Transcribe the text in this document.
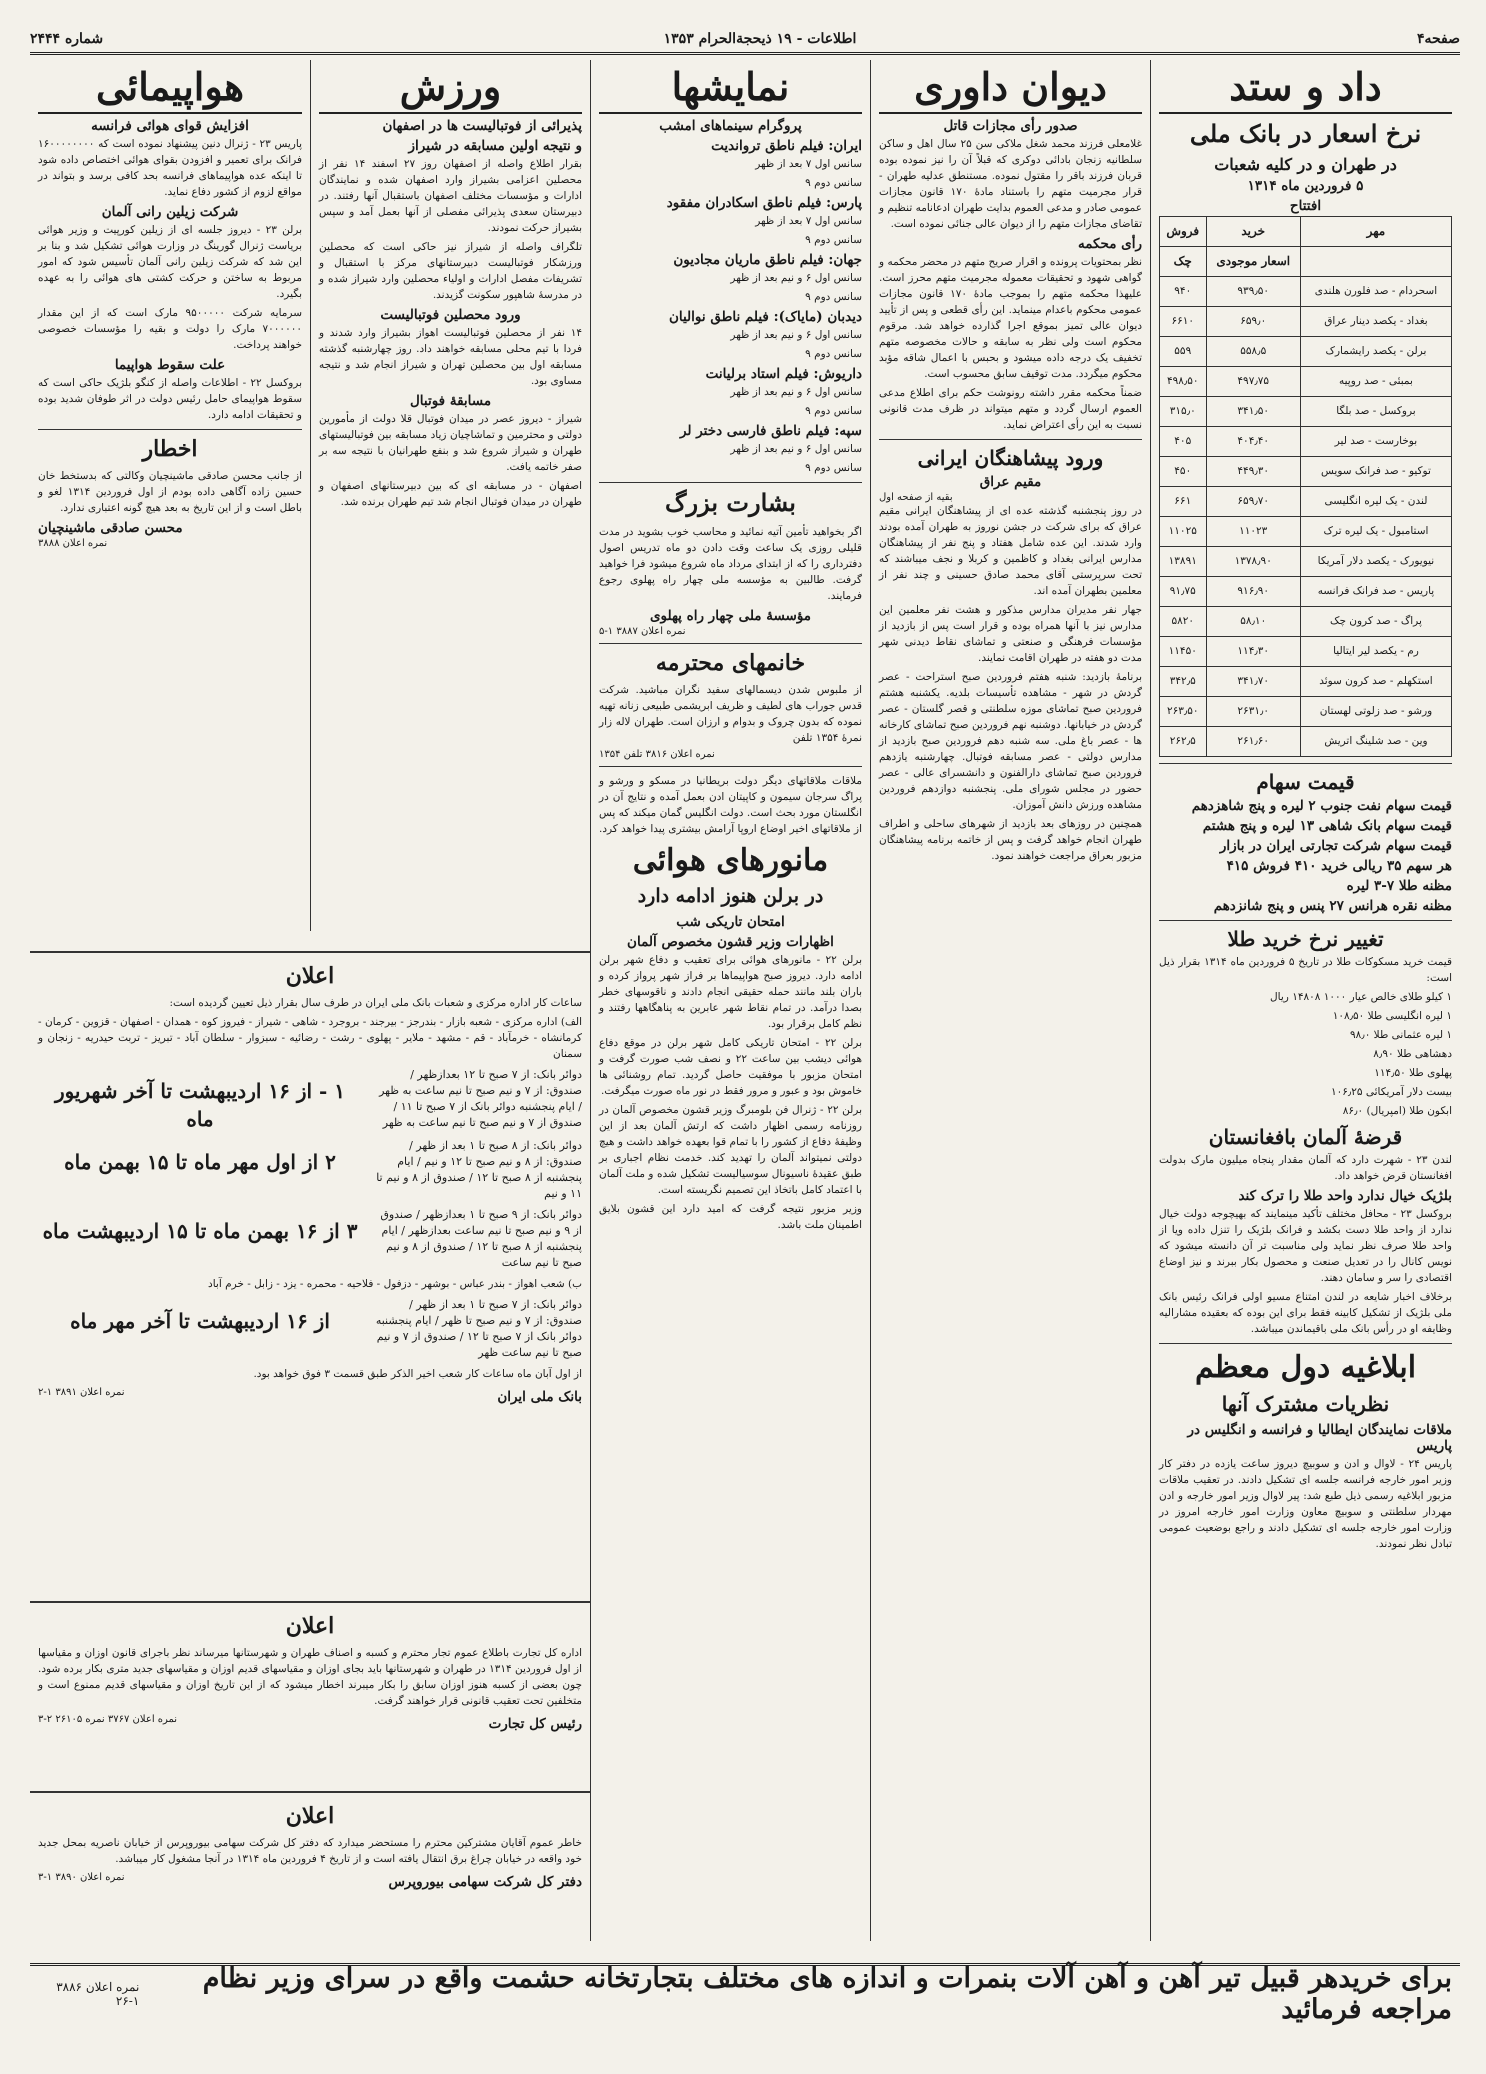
صفحه۴
اطلاعات - ۱۹ ذیحجةالحرام ۱۳۵۳
شماره ۲۴۴۴
داد و ستد
نرخ اسعار در بانک ملی
در طهران و در کلیه شعبات
۵ فروردین ماه ۱۳۱۴
افتتاح
مهر	خرید	فروش
	اسعار موجودی	چک
اسحردام - صد فلورن هلندی	۹۳۹٫۵۰	۹۴۰
بغداد - یکصد دینار عراق	۶۵۹٫۰	۶۶۱۰
برلن - یکصد رایشمارک	۵۵۸٫۵	۵۵۹
بمبئی - صد روپیه	۴۹۷٫۷۵	۴۹۸٫۵۰
بروکسل - صد بلگا	۳۴۱٫۵۰	۳۱۵٫۰
بوخارست - صد لیر	۴۰۴٫۴۰	۴۰۵
توکیو - صد فرانک سویس	۴۴۹٫۳۰	۴۵۰
لندن - یک لیره انگلیسی	۶۵۹٫۷۰	۶۶۱
استامبول - یک لیره ترک	۱۱۰۲۳	۱۱۰۲۵
نیویورک - یکصد دلار آمریکا	۱۳۷۸٫۹۰	۱۳۸۹۱
پاریس - صد فرانک فرانسه	۹۱۶٫۹۰	۹۱٫۷۵
پراگ - صد کرون چک	۵۸٫۱۰	۵۸۲۰
رم - یکصد لیر ایتالیا	۱۱۴٫۳۰	۱۱۴۵۰
استکهلم - صد کرون سوئد	۳۴۱٫۷۰	۳۴۲٫۵
ورشو - صد زلوتی لهستان	۲۶۳۱٫۰	۲۶۳٫۵۰
وین - صد شلینگ اتریش	۲۶۱٫۶۰	۲۶۲٫۵
قیمت سهام
قیمت سهام نفت جنوب ۲ لیره و پنج شاهزدهم
قیمت سهام بانک شاهی ۱۳ لیره و پنج هشتم
قیمت سهام شرکت تجارتی ایران در بازار
هر سهم ۳۵ ریالی خرید ۴۱۰ فروش ۴۱۵
مظنه طلا ۷-۳ لیره
مظنه نقره هرانس ۲۷ پنس و پنج شانزدهم
تغییر نرخ خرید طلا
قیمت خرید مسکوکات طلا در تاریخ ۵ فروردین ماه ۱۳۱۴ بقرار ذیل است:
۱ کیلو طلای خالص عیار ۱۰۰۰ ۱۴۸۰۸ ریال
۱ لیره انگلیسی طلا ۱۰۸٫۵۰
۱ لیره عثمانی طلا ۹۸٫۰
دهشاهی طلا ۸٫۹۰
پهلوی طلا ۱۱۴٫۵۰
بیست دلار آمریکائی ۱۰۶٫۲۵
ابکون طلا (امپریال) ۸۶٫۰
قرضهٔ آلمان بافغانستان
لندن ۲۳ - شهرت دارد که آلمان مقدار پنجاه میلیون مارک بدولت افغانستان قرض خواهد داد.
بلژیک خیال ندارد واحد طلا را ترک کند
بروکسل ۲۳ - محافل مختلف تأکید مینمایند که بهیچوجه دولت خیال ندارد از واحد طلا دست بکشد و فرانک بلژیک را تنزل داده ویا از واحد طلا صرف نظر نماید ولی مناسبت تر آن دانسته میشود که نویس کانال را در تعدیل صنعت و محصول بکار ببرند و نیز اوضاع اقتصادی را سر و سامان دهند.
برخلاف اخبار شایعه در لندن امتناع مسیو اولی فرانک رئیس بانک ملی بلژیک از تشکیل کابینه فقط برای این بوده که بعقیده مشارالیه وظایفه او در رأس بانک ملی باقیماندن میباشد.
ابلاغیه دول معظم
نظریات مشترک آنها
ملاقات نمایندگان ایطالیا و فرانسه و انگلیس در پاریس
پاریس ۲۴ - لاوال و ادن و سوبیچ دیروز ساعت یازده در دفتر کار وزیر امور خارجه فرانسه جلسه ای تشکیل دادند. در تعقیب ملاقات مزبور ابلاغیه رسمی ذیل طبع شد: پیر لاوال وزیر امور خارجه و ادن مهردار سلطنتی و سوبیچ معاون وزارت امور خارجه امروز در وزارت امور خارجه جلسه ای تشکیل دادند و راجع بوضعیت عمومی تبادل نظر نمودند.
دیوان داوری
صدور رأی مجازات قاتل
غلامعلی فرزند محمد شغل ملاکی سن ۲۵ سال اهل و ساکن سلطانیه زنجان بادائی دوکری که قبلاً آن را نیز نموده بوده قربان فرزند باقر را مقتول نموده. مستنطق عدلیه طهران - قرار مجرمیت متهم را باستناد مادهٔ ۱۷۰ قانون مجازات عمومی صادر و مدعی العموم بدایت طهران ادعانامه تنظیم و تقاضای مجازات متهم را از دیوان عالی جنائی نموده است.
رأی محکمه
نظر بمحتویات پرونده و اقرار صریح متهم در محضر محکمه و گواهی شهود و تحقیقات معموله مجرمیت متهم محرز است. علیهذا محکمه متهم را بموجب مادهٔ ۱۷۰ قانون مجازات عمومی محکوم باعدام مینماید. این رأی قطعی و پس از تأیید دیوان عالی تمیز بموقع اجرا گذارده خواهد شد. مرقوم محکوم است ولی نظر به سابقه و حالات مخصوصه متهم تخفیف یک درجه داده میشود و بحبس با اعمال شاقه مؤبد محکوم میگردد. مدت توقیف سابق محسوب است.
ضمناً محکمه مقرر داشته رونوشت حکم برای اطلاع مدعی العموم ارسال گردد و متهم میتواند در ظرف مدت قانونی نسبت به این رأی اعتراض نماید.
ورود پیشاهنگان ایرانی
مقیم عراق
بقیه از صفحه اول
در روز پنجشنبه گذشته عده ای از پیشاهنگان ایرانی مقیم عراق که برای شرکت در جشن نوروز به طهران آمده بودند وارد شدند. این عده شامل هفتاد و پنج نفر از پیشاهنگان مدارس ایرانی بغداد و کاظمین و کربلا و نجف میباشند که تحت سرپرستی آقای محمد صادق حسینی و چند نفر از معلمین بطهران آمده اند.
جهار نفر مدیران مدارس مذکور و هشت نفر معلمین این مدارس نیز با آنها همراه بوده و قرار است پس از بازدید از مؤسسات فرهنگی و صنعتی و تماشای نقاط دیدنی شهر مدت دو هفته در طهران اقامت نمایند.
برنامهٔ بازدید: شنبه هفتم فروردین صبح استراحت - عصر گردش در شهر - مشاهده تأسیسات بلدیه. یکشنبه هشتم فروردین صبح تماشای موزه سلطنتی و قصر گلستان - عصر گردش در خیابانها. دوشنبه نهم فروردین صبح تماشای کارخانه ها - عصر باغ ملی. سه شنبه دهم فروردین صبح بازدید از مدارس دولتی - عصر مسابقه فوتبال. چهارشنبه یازدهم فروردین صبح تماشای دارالفنون و دانشسرای عالی - عصر حضور در مجلس شورای ملی. پنجشنبه دوازدهم فروردین مشاهده ورزش دانش آموزان.
همچنین در روزهای بعد بازدید از شهرهای ساحلی و اطراف طهران انجام خواهد گرفت و پس از خاتمه برنامه پیشاهنگان مزبور بعراق مراجعت خواهند نمود.
نمایشها
پروگرام سینماهای امشب
ایران: فیلم ناطق ترواندیت
سانس اول ۷ بعد از ظهر
سانس دوم ۹
پارس: فیلم ناطق اسکادران مفقود
سانس اول ۷ بعد از ظهر
سانس دوم ۹
جهان: فیلم ناطق ماریان مجادیون
سانس اول ۶ و نیم بعد از ظهر
سانس دوم ۹
دیدبان (مایاک): فیلم ناطق نوالیان
سانس اول ۶ و نیم بعد از ظهر
سانس دوم ۹
داریوش: فیلم استاد برلیانت
سانس اول ۶ و نیم بعد از ظهر
سانس دوم ۹
سپه: فیلم ناطق فارسی دختر لر
سانس اول ۶ و نیم بعد از ظهر
سانس دوم ۹
بشارت بزرگ
اگر بخواهید تأمین آتیه نمائید و محاسب خوب بشوید در مدت قلیلی روزی یک ساعت وقت دادن دو ماه تدریس اصول دفترداری را که از ابتدای مرداد ماه شروع میشود فرا خواهید گرفت. طالبین به مؤسسه ملی چهار راه پهلوی رجوع فرمایند.
مؤسسهٔ ملی چهار راه پهلوی
نمره اعلان ۳۸۸۷ ۱-۵
خانمهای محترمه
از ملبوس شدن دیسمالهای سفید نگران مباشید. شرکت قدس جوراب های لطیف و ظریف ابریشمی طبیعی زنانه تهیه نموده که بدون چروک و بدوام و ارزان است. طهران لاله زار نمرهٔ ۱۳۵۴ تلفن
نمره اعلان ۳۸۱۶ تلفن ۱۳۵۴
ملاقات ملاقاتهای دیگر دولت بریطانیا در مسکو و ورشو و پراگ سرجان سیمون و کاپیتان ادن بعمل آمده و نتایج آن در انگلستان مورد بحث است. دولت انگلیس گمان میکند که پس از ملاقاتهای اخیر اوضاع اروپا آرامش بیشتری پیدا خواهد کرد.
مانورهای هوائی
در برلن هنوز ادامه دارد
امتحان تاریکی شب
اظهارات وزیر قشون مخصوص آلمان
برلن ۲۲ - مانورهای هوائی برای تعقیب و دفاع شهر برلن ادامه دارد. دیروز صبح هواپیماها بر فراز شهر پرواز کرده و باران بلند مانند حمله حقیقی انجام دادند و ناقوسهای خطر بصدا درآمد. در تمام نقاط شهر عابرین به پناهگاهها رفتند و نظم کامل برقرار بود.
برلن ۲۲ - امتحان تاریکی کامل شهر برلن در موقع دفاع هوائی دیشب بین ساعت ۲۲ و نصف شب صورت گرفت و امتحان مزبور با موفقیت حاصل گردید. تمام روشنائی ها خاموش بود و عبور و مرور فقط در نور ماه صورت میگرفت.
برلن ۲۲ - ژنرال فن بلومبرگ وزیر قشون مخصوص آلمان در روزنامه رسمی اظهار داشت که ارتش آلمان بعد از این وظیفهٔ دفاع از کشور را با تمام قوا بعهده خواهد داشت و هیچ دولتی نمیتواند آلمان را تهدید کند. خدمت نظام اجباری بر طبق عقیدهٔ ناسیونال سوسیالیست تشکیل شده و ملت آلمان با اعتماد کامل باتخاذ این تصمیم نگریسته است.
وزیر مزبور نتیجه گرفت که امید دارد این قشون بلایق اطمینان ملت باشد.
ورزش
پذیرائی از فوتبالیست ها در اصفهان
و نتیجه اولین مسابقه در شیراز
بقرار اطلاع واصله از اصفهان روز ۲۷ اسفند ۱۴ نفر از محصلین اعزامی بشیراز وارد اصفهان شده و نمایندگان ادارات و مؤسسات مختلف اصفهان باستقبال آنها رفتند. در دبیرستان سعدی پذیرائی مفصلی از آنها بعمل آمد و سپس بشیراز حرکت نمودند.
تلگراف واصله از شیراز نیز حاکی است که محصلین ورزشکار فوتبالیست دبیرستانهای مرکز با استقبال و تشریفات مفصل ادارات و اولیاء محصلین وارد شیراز شده و در مدرسهٔ شاهپور سکونت گزیدند.
ورود محصلین فوتبالیست
۱۴ نفر از محصلین فوتبالیست اهواز بشیراز وارد شدند و فردا با تیم محلی مسابقه خواهند داد. روز چهارشنبه گذشته مسابقه اول بین محصلین تهران و شیراز انجام شد و نتیجه مساوی بود.
مسابقهٔ فوتبال
شیراز - دیروز عصر در میدان فوتبال قلا دولت از مأمورین دولتی و محترمین و تماشاچیان زیاد مسابقه بین فوتبالیستهای طهران و شیراز شروع شد و بنفع طهرانیان با نتیجه سه بر صفر خاتمه یافت.
اصفهان - در مسابقه ای که بین دبیرستانهای اصفهان و طهران در میدان فوتبال انجام شد تیم طهران برنده شد.
هواپیمائی
افزایش قوای هوائی فرانسه
پاریس ۲۳ - ژنرال دنین پیشنهاد نموده است که ۱۶۰۰۰۰۰۰۰۰ فرانک برای تعمیر و افزودن بقوای هوائی اختصاص داده شود تا اینکه عده هواپیماهای فرانسه بحد کافی برسد و بتواند در مواقع لزوم از کشور دفاع نماید.
شرکت زیلین رانی آلمان
برلن ۲۳ - دیروز جلسه ای از زیلین کورپیت و وزیر هوائی بریاست ژنرال گورینگ در وزارت هوائی تشکیل شد و بنا بر این شد که شرکت زیلین رانی آلمان تأسیس شود که امور مربوط به ساختن و حرکت کشتی های هوائی را به عهده بگیرد.
سرمایه شرکت ۹۵۰۰۰۰۰ مارک است که از این مقدار ۷۰۰۰۰۰۰ مارک را دولت و بقیه را مؤسسات خصوصی خواهند پرداخت.
علت سقوط هواپیما
بروکسل ۲۲ - اطلاعات واصله از کنگو بلژیک حاکی است که سقوط هواپیمای حامل رئیس دولت در اثر طوفان شدید بوده و تحقیقات ادامه دارد.
اخطار
از جانب محسن صادقی ماشینچیان وکالتی که بدستخط خان حسین زاده آگاهی داده بودم از اول فروردین ۱۳۱۴ لغو و باطل است و از این تاریخ به بعد هیچ گونه اعتباری ندارد.
محسن صادقی ماشینچیان
نمره اعلان ۳۸۸۸
اعلان
ساعات کار اداره مرکزی و شعبات بانک ملی ایران در طرف سال بقرار ذیل تعیین گردیده است:
الف) اداره مرکزی - شعبه بازار - بندرجز - بیرجند - بروجرد - شاهی - شیراز - فیروز کوه - همدان - اصفهان - قزوین - کرمان - کرمانشاه - خرمآباد - قم - مشهد - ملایر - پهلوی - رشت - رضائیه - سبزوار - سلطان آباد - تبریز - تربت حیدریه - زنجان و سمنان
دوائر بانک: از ۷ صبح تا ۱۲ بعدازظهر / صندوق: از ۷ و نیم صبح تا نیم ساعت به ظهر / ایام پنجشنبه دوائر بانک از ۷ صبح تا ۱۱ / صندوق از ۷ و نیم صبح تا نیم ساعت به ظهر
۱ - از ۱۶ اردیبهشت تا آخر شهریور ماه
دوائر بانک: از ۸ صبح تا ۱ بعد از ظهر / صندوق: از ۸ و نیم صبح تا ۱۲ و نیم / ایام پنجشنبه از ۸ صبح تا ۱۲ / صندوق از ۸ و نیم تا ۱۱ و نیم
۲ از اول مهر ماه تا ۱۵ بهمن ماه
دوائر بانک: از ۹ صبح تا ۱ بعدازظهر / صندوق از ۹ و نیم صبح تا نیم ساعت بعدازظهر / ایام پنجشنبه از ۸ صبح تا ۱۲ / صندوق از ۸ و نیم صبح تا نیم ساعت
۳ از ۱۶ بهمن ماه تا ۱۵ اردیبهشت ماه
ب) شعب اهواز - بندر عباس - بوشهر - دزفول - فلاحیه - محمره - یزد - زابل - خرم آباد
دوائر بانک: از ۷ صبح تا ۱ بعد از ظهر / صندوق: از ۷ و نیم صبح تا ظهر / ایام پنجشنبه دوائر بانک از ۷ صبح تا ۱۲ / صندوق از ۷ و نیم صبح تا نیم ساعت ظهر
از ۱۶ اردیبهشت تا آخر مهر ماه
از اول آبان ماه ساعات کار شعب اخیر الذکر طبق قسمت ۳ فوق خواهد بود.
بانک ملی ایران
نمره اعلان ۳۸۹۱ ۱-۲
اعلان
اداره کل تجارت باطلاع عموم تجار محترم و کسبه و اصناف طهران و شهرستانها میرساند نظر باجرای قانون اوزان و مقیاسها از اول فروردین ۱۳۱۴ در طهران و شهرستانها باید بجای اوزان و مقیاسهای قدیم اوزان و مقیاسهای جدید متری بکار برده شود. چون بعضی از کسبه هنوز اوزان سابق را بکار میبرند اخطار میشود که از این تاریخ اوزان و مقیاسهای قدیم ممنوع است و متخلفین تحت تعقیب قانونی قرار خواهند گرفت.
رئیس کل تجارت
نمره اعلان ۳۷۶۷ نمره ۲۶۱۰۵ ۲-۳
اعلان
خاطر عموم آقایان مشترکین محترم را مستحضر میدارد که دفتر کل شرکت سهامی بیوروپرس از خیابان ناصریه بمحل جدید خود واقعه در خیابان چراغ برق انتقال یافته است و از تاریخ ۴ فروردین ماه ۱۳۱۴ در آنجا مشغول کار میباشد.
دفتر کل شرکت سهامی بیوروپرس
نمره اعلان ۳۸۹۰ ۱-۳
برای خریدهر قبیل تیر آهن و آهن آلات بنمرات و اندازه های مختلف بتجارتخانه حشمت واقع در سرای وزیر نظام مراجعه فرمائید
نمره اعلان ۳۸۸۶ ۱-۲۶
